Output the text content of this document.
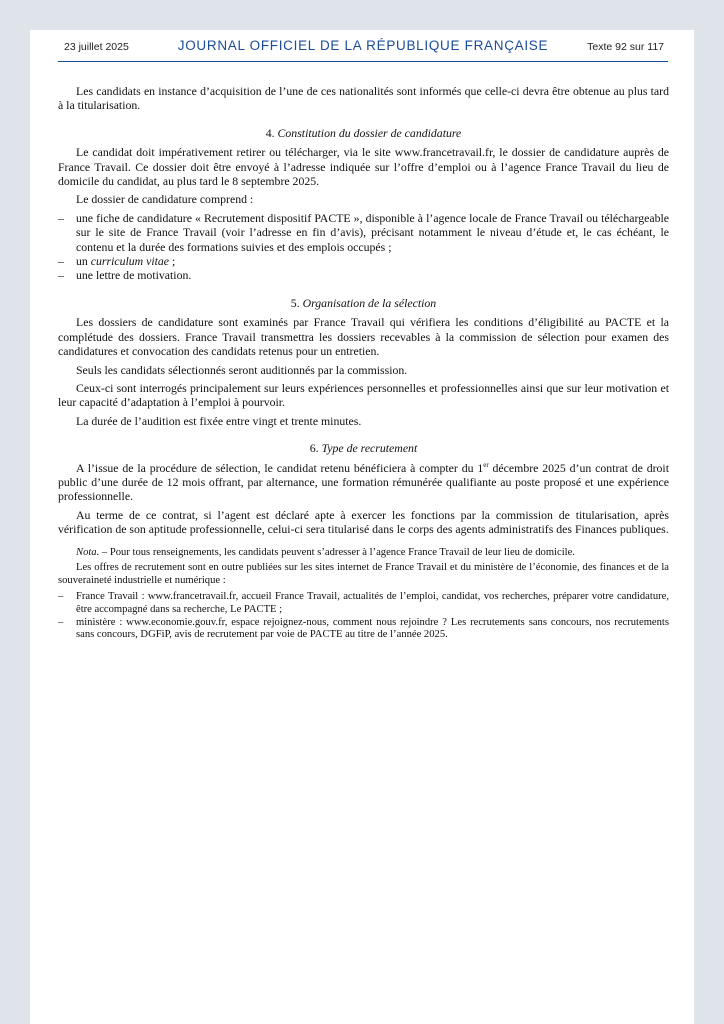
23 juillet 2025	JOURNAL OFFICIEL DE LA RÉPUBLIQUE FRANÇAISE	Texte 92 sur 117

Les candidats en instance d’acquisition de l’une de ces nationalités sont informés que celle-ci devra être obtenue au plus tard à la titularisation.

4. Constitution du dossier de candidature

Le candidat doit impérativement retirer ou télécharger, via le site www.francetravail.fr, le dossier de candidature auprès de France Travail. Ce dossier doit être envoyé à l’adresse indiquée sur l’offre d’emploi ou à l’agence France Travail du lieu de domicile du candidat, au plus tard le 8 septembre 2025.

Le dossier de candidature comprend :

– une fiche de candidature « Recrutement dispositif PACTE », disponible à l’agence locale de France Travail ou téléchargeable sur le site de France Travail (voir l’adresse en fin d’avis), précisant notamment le niveau d’étude et, le cas échéant, le contenu et la durée des formations suivies et des emplois occupés ;
– un curriculum vitae ;
– une lettre de motivation.
5. Organisation de la sélection

Les dossiers de candidature sont examinés par France Travail qui vérifiera les conditions d’éligibilité au PACTE et la complétude des dossiers. France Travail transmettra les dossiers recevables à la commission de sélection pour examen des candidatures et convocation des candidats retenus pour un entretien.

Seuls les candidats sélectionnés seront auditionnés par la commission.

Ceux-ci sont interrogés principalement sur leurs expériences personnelles et professionnelles ainsi que sur leur motivation et leur capacité d’adaptation à l’emploi à pourvoir.

La durée de l’audition est fixée entre vingt et trente minutes.

6. Type de recrutement

A l’issue de la procédure de sélection, le candidat retenu bénéficiera à compter du 1er décembre 2025 d’un contrat de droit public d’une durée de 12 mois offrant, par alternance, une formation rémunérée qualifiante au poste proposé et une expérience professionnelle.

Au terme de ce contrat, si l’agent est déclaré apte à exercer les fonctions par la commission de titularisation, après vérification de son aptitude professionnelle, celui-ci sera titularisé dans le corps des agents administratifs des Finances publiques.

Nota. – Pour tous renseignements, les candidats peuvent s’adresser à l’agence France Travail de leur lieu de domicile.

Les offres de recrutement sont en outre publiées sur les sites internet de France Travail et du ministère de l’économie, des finances et de la souveraineté industrielle et numérique :

– France Travail : www.francetravail.fr, accueil France Travail, actualités de l’emploi, candidat, vos recherches, préparer votre candidature, être accompagné dans sa recherche, Le PACTE ;
– ministère : www.economie.gouv.fr, espace rejoignez-nous, comment nous rejoindre ? Les recrutements sans concours, nos recrutements sans concours, DGFiP, avis de recrutement par voie de PACTE au titre de l’année 2025.
